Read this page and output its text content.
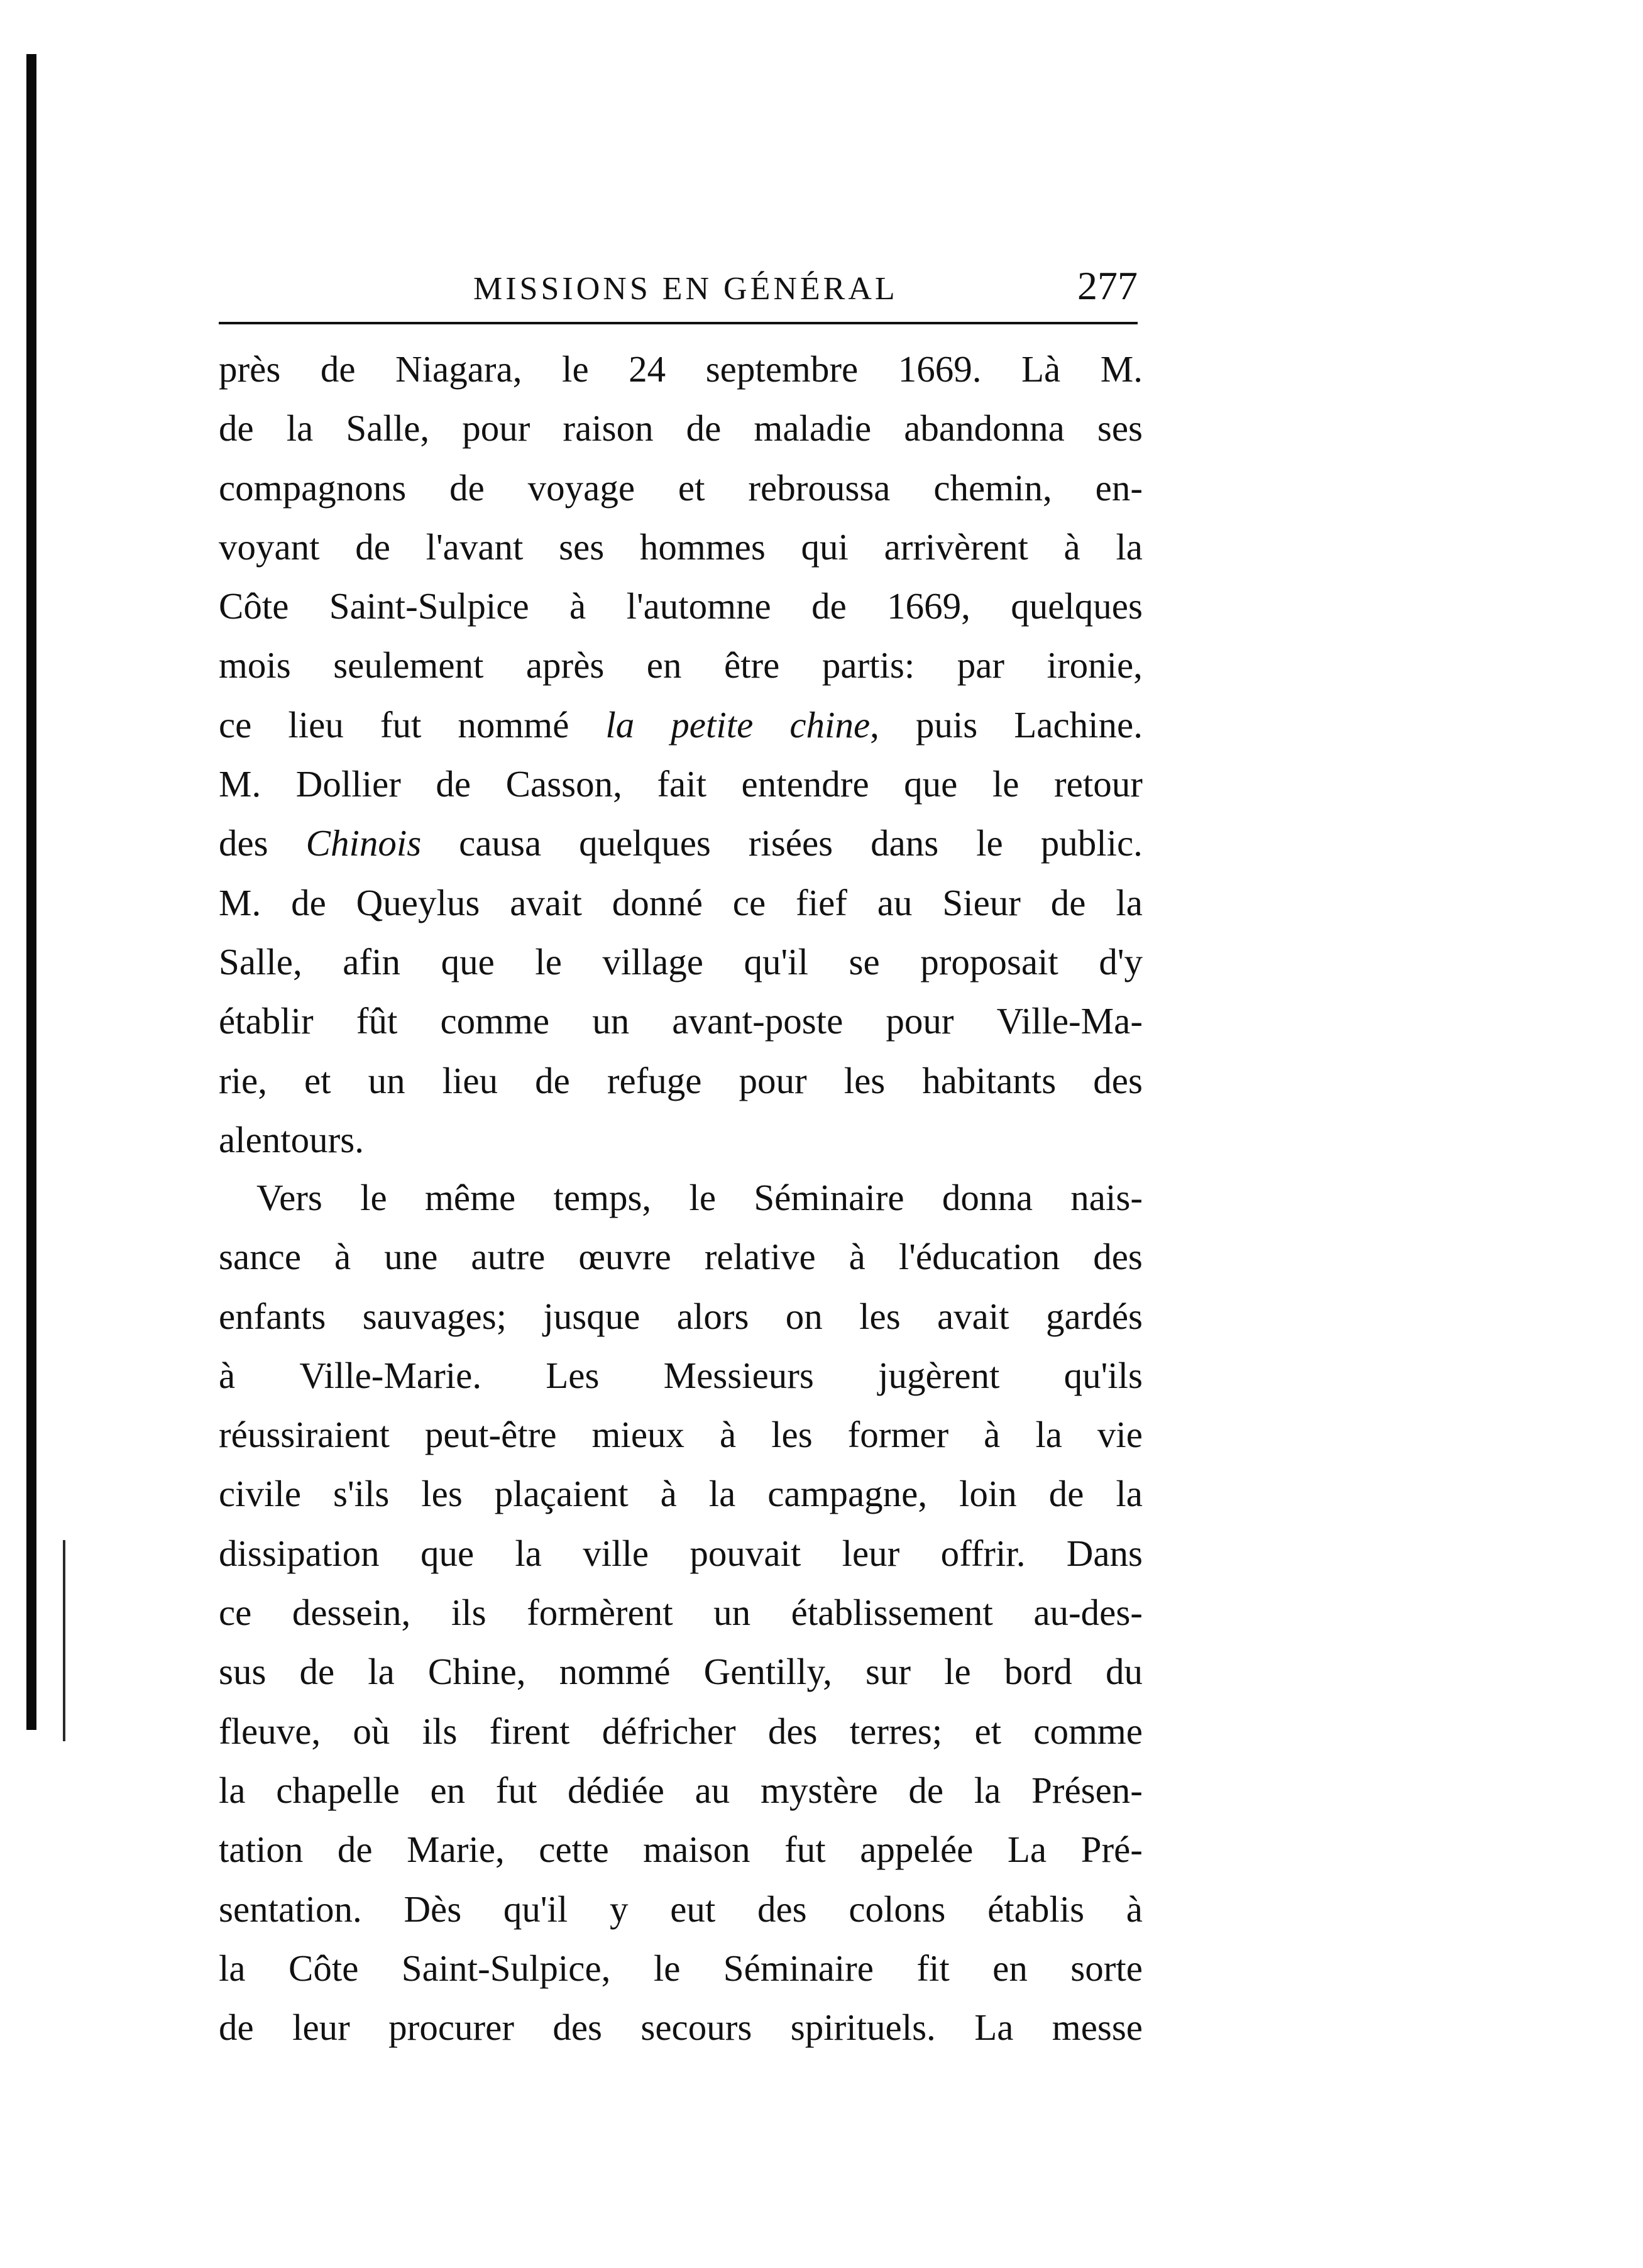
MISSIONS EN GÉNÉRAL	277
près de Niagara, le 24 septembre 1669. Là M.
de la Salle, pour raison de maladie abandonna ses
compagnons de voyage et rebroussa chemin, en-
voyant de l'avant ses hommes qui arrivèrent à la
Côte Saint-Sulpice à l'automne de 1669, quelques
mois seulement après en être partis: par ironie,
ce lieu fut nommé la petite chine, puis Lachine.
M. Dollier de Casson, fait entendre que le retour
des Chinois causa quelques risées dans le public.
M. de Queylus avait donné ce fief au Sieur de la
Salle, afin que le village qu'il se proposait d'y
établir fût comme un avant-poste pour Ville-Ma-
rie, et un lieu de refuge pour les habitants des
alentours.
Vers le même temps, le Séminaire donna nais-
sance à une autre œuvre relative à l'éducation des
enfants sauvages; jusque alors on les avait gardés
à Ville-Marie. Les Messieurs jugèrent qu'ils
réussiraient peut-être mieux à les former à la vie
civile s'ils les plaçaient à la campagne, loin de la
dissipation que la ville pouvait leur offrir. Dans
ce dessein, ils formèrent un établissement au-des-
sus de la Chine, nommé Gentilly, sur le bord du
fleuve, où ils firent défricher des terres; et comme
la chapelle en fut dédiée au mystère de la Présen-
tation de Marie, cette maison fut appelée La Pré-
sentation. Dès qu'il y eut des colons établis à
la Côte Saint-Sulpice, le Séminaire fit en sorte
de leur procurer des secours spirituels. La messe
